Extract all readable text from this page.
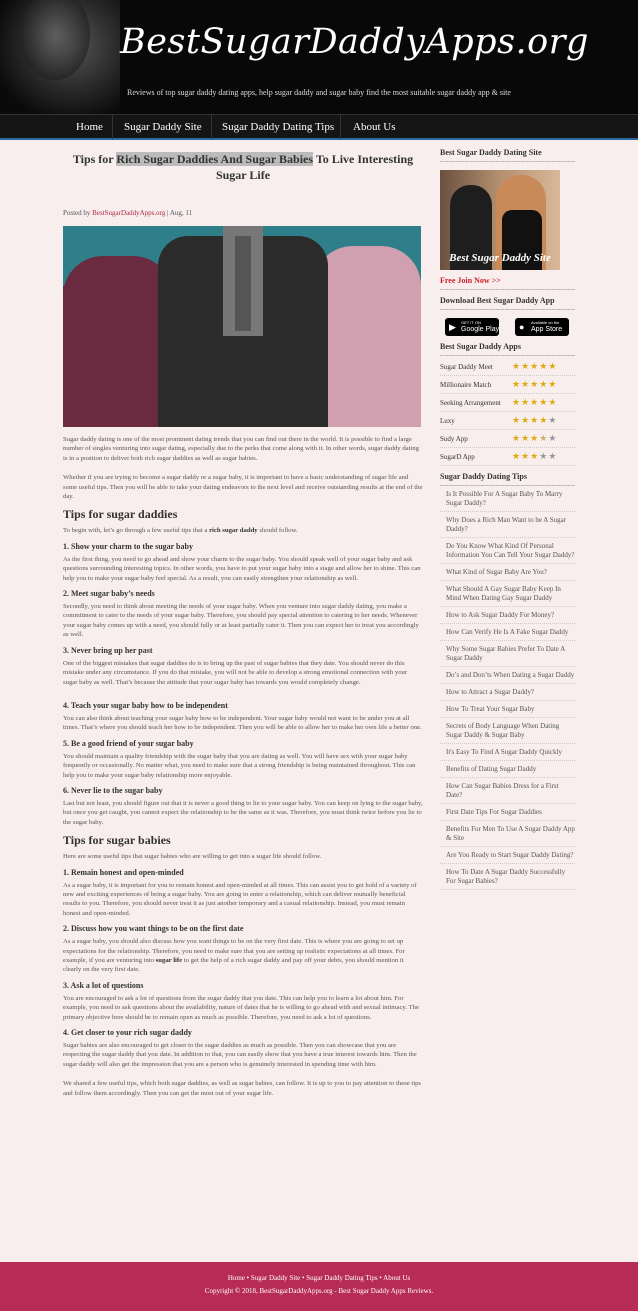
BestSugarDaddyApps.org
Reviews of top sugar daddy dating apps, help sugar daddy and sugar baby find the most suitable sugar daddy app & site
Home Sugar Daddy Site Sugar Daddy Dating Tips About Us
Tips for Rich Sugar Daddies And Sugar Babies To Live Interesting Sugar Life
Posted by BestSugarDaddyApps.org | Aug, 11

Sugar daddy dating is one of the most prominent dating trends that you can find out there in the world. It is possible to find a large number of singles venturing into sugar dating, especially due to the perks that come along with it. In other words, sugar daddy dating is in a position to deliver both rich sugar daddies as well as sugar babies.

Whether if you are trying to become a sugar daddy or a sugar baby, it is important to have a basic understanding of sugar life and some useful tips. Then you will be able to take your dating endeavors to the next level and receive outstanding results at the end of the day.

Tips for sugar daddies

To begin with, let’s go through a few useful tips that a rich sugar daddy should follow.

1. Show your charm to the sugar baby

As the first thing, you need to go ahead and show your charm to the sugar baby. You should speak well of your sugar baby and ask questions surrounding interesting topics. In other words, you have to put your sugar baby into a stage and allow her to shine. This can help you to make your sugar baby feel special. As a result, you can easily strengthen your relationship as well.

2. Meet sugar baby’s needs

Secondly, you need to think about meeting the needs of your sugar baby. When you venture into sugar daddy dating, you make a commitment to cater to the needs of your sugar baby. Therefore, you should pay special attention to catering to her needs. Whenever your sugar baby comes up with a need, you should fully or at least partially cater it. Then you can expect her to treat you accordingly as well.

3. Never bring up her past

One of the biggest mistakes that sugar daddies do is to bring up the past of sugar babies that they date. You should never do this mistake under any circumstance. If you do that mistake, you will not be able to develop a strong emotional connection with your sugar baby as well. That’s because the attitude that your sugar baby has towards you would completely change.

4. Teach your sugar baby how to be independent

You can also think about teaching your sugar baby how to be independent. Your sugar baby would not want to be under you at all times. That’s where you should teach her how to be independent. Then you will be able to allow her to make her own life a better one.

5. Be a good friend of your sugar baby

You should maintain a quality friendship with the sugar baby that you are dating as well. You will have sex with your sugar baby frequently or occasionally. No matter what, you need to make sure that a strong friendship is being maintained throughout. This can help you to make your sugar baby relationship more enjoyable.

6. Never lie to the sugar baby

Last but not least, you should figure out that it is never a good thing to lie to your sugar baby. You can keep on lying to the sugar baby, but once you get caught, you cannot expect the relationship to be the same as it was. Therefore, you must think twice before you lie to the sugar baby.

Tips for sugar babies

Here are some useful tips that sugar babies who are willing to get into a sugar life should follow.

1. Remain honest and open-minded

As a sugar baby, it is important for you to remain honest and open-minded at all times. This can assist you to get hold of a variety of new and exciting experiences of being a sugar baby. You are going to enter a relationship, which can deliver mutually beneficial results to you. Therefore, you should never treat it as just another temporary and a casual relationship. Instead, you must remain honest and open-minded.

2. Discuss how you want things to be on the first date

As a sugar baby, you should also discuss how you want things to be on the very first date. This is where you are going to set up expectations for the relationship. Therefore, you need to make sure that you are setting up realistic expectations at all times. For example, if you are venturing into sugar life to get the help of a rich sugar daddy and pay off your debts, you should mention it clearly on the very first date.

3. Ask a lot of questions

You are encouraged to ask a lot of questions from the sugar daddy that you date. This can help you to learn a lot about him. For example, you need to ask questions about the availability, nature of dates that he is willing to go ahead with and sexual intimacy. The primary objective here should be to remain open as much as possible. Therefore, you need to ask a lot of questions.

4. Get closer to your rich sugar daddy

Sugar babies are also encouraged to get closer to the sugar daddies as much as possible. Then you can showcase that you are respecting the sugar daddy that you date. In addition to that, you can easily show that you have a true interest towards him. Then the sugar daddy will also get the impression that you are a person who is genuinely interested in spending time with him.

We shared a few useful tips, which both sugar daddies, as well as sugar babies, can follow. It is up to you to pay attention to these tips and follow them accordingly. Then you can get the most out of your sugar life.

Best Sugar Daddy Dating Site
Best Sugar Daddy Site
Free Join Now >>
Download Best Sugar Daddy App
▶ GET IT ON
Google Play
● Available on the
App Store
Best Sugar Daddy Apps
Sugar Daddy Meet	★★★★★
Millionaire Match	★★★★★
Seeking Arrangement	★★★★★
Luxy	★★★★★
Sudy App	★★★★★
SugarD App	★★★★★
Sugar Daddy Dating Tips
Is It Possible For A Sugar Baby To Marry Sugar Daddy?
Why Does a Rich Man Want to be A Sugar Daddy?
Do You Know What Kind Of Personal Information You Can Tell Your Sugar Daddy?
What Kind of Sugar Baby Are You?
What Should A Gay Sugar Baby Keep In Mind When Dating Gay Sugar Daddy
How to Ask Sugar Daddy For Money?
How Can Verify He Is A Fake Sugar Daddy
Why Some Sugar Babies Prefer To Date A Sugar Daddy
Do’s and Don’ts When Dating a Sugar Daddy
How to Attract a Sugar Daddy?
How To Treat Your Sugar Baby
Secrets of Body Language When Dating Sugar Daddy & Sugar Baby
It's Easy To Find A Sugar Daddy Quickly
Benefits of Dating Sugar Daddy
How Can Sugar Babies Dress for a First Date?
First Date Tips For Sugar Daddies
Benefits For Men To Use A Sugar Daddy App & Site
Are You Ready to Start Sugar Daddy Dating?
How To Date A Sugar Daddy Successfully For Sugar Babies?
Home • Sugar Daddy Site • Sugar Daddy Dating Tips • About Us
Copyright © 2018, BestSugarDaddyApps.org - Best Sugar Daddy Apps Reviews.
